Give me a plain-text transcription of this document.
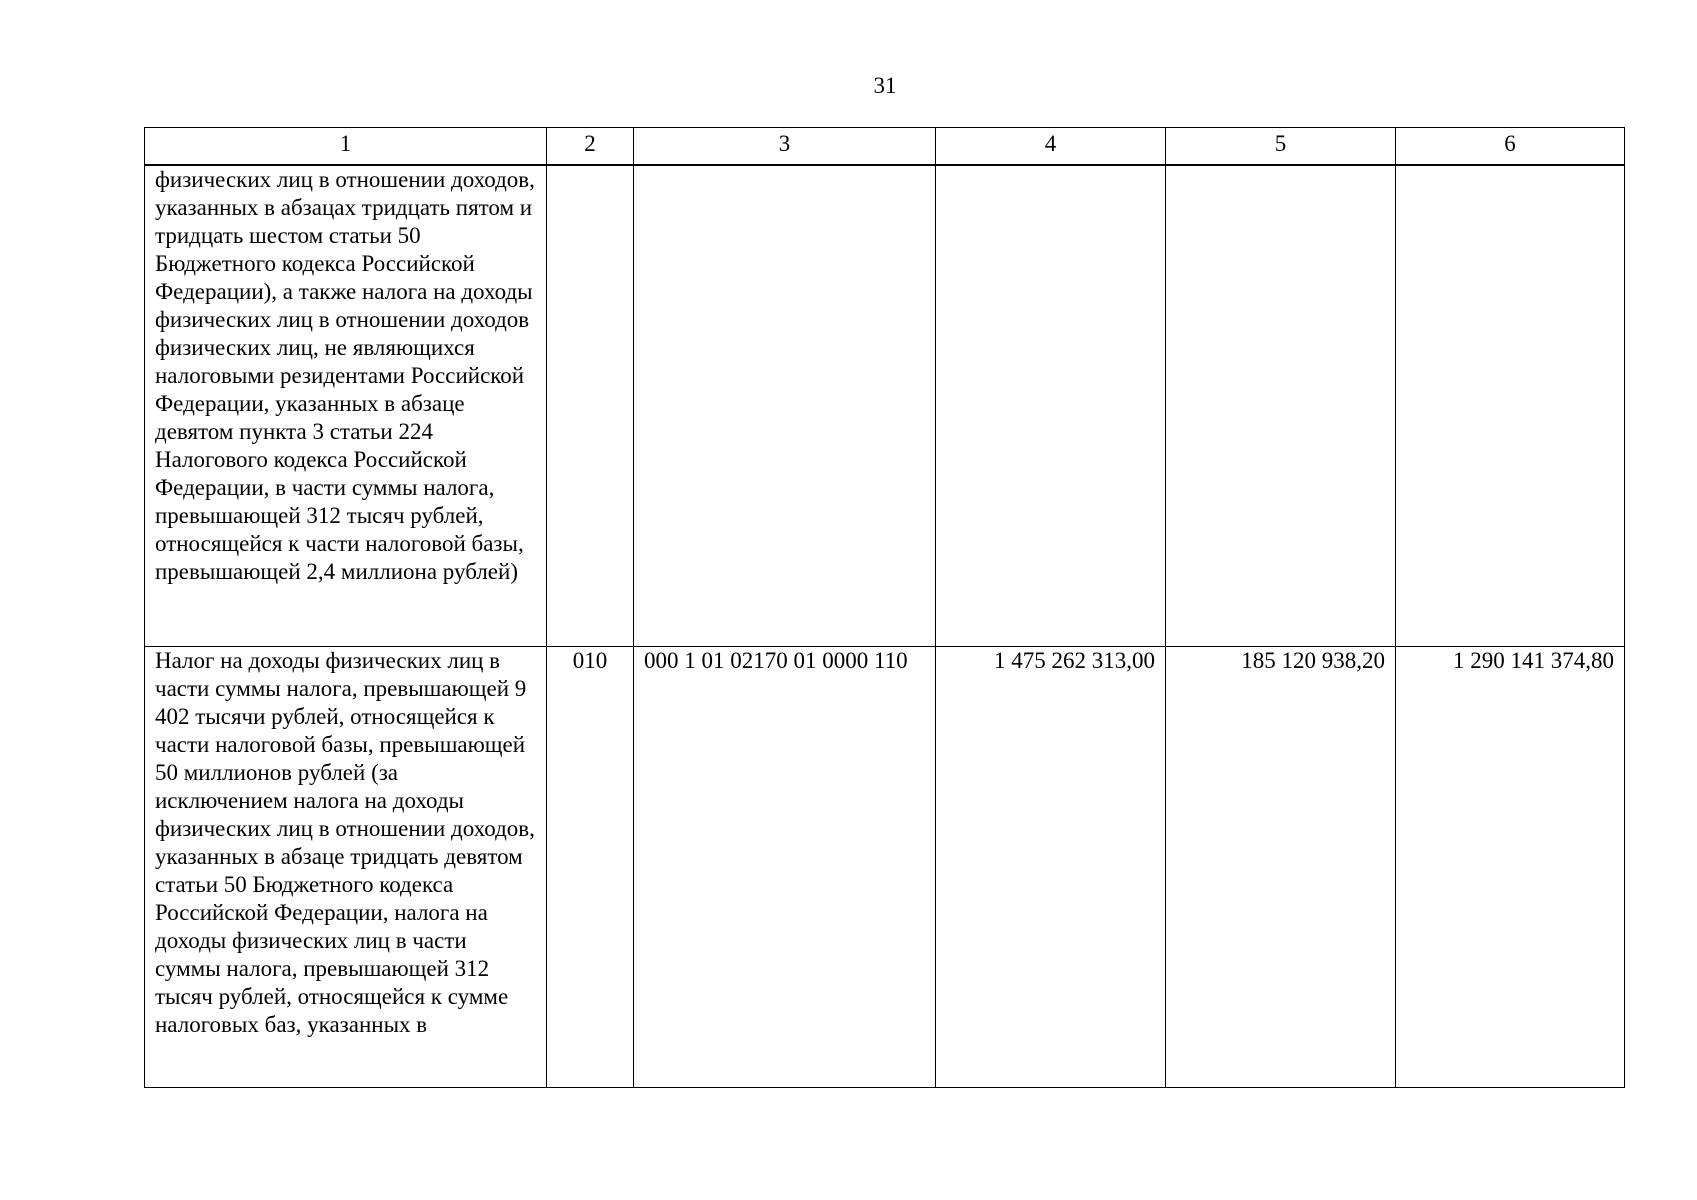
31
1	2	3	4	5	6
физических лиц в отношении доходов, указанных в абзацах тридцать пятом и тридцать шестом статьи 50 Бюджетного кодекса Российской Федерации), а также налога на доходы физических лиц в отношении доходов физических лиц, не являющихся налоговыми резидентами Российской Федерации, указанных в абзаце девятом пункта 3 статьи 224 Налогового кодекса Российской Федерации, в части суммы налога, превышающей 312 тысяч рублей, относящейся к части налоговой базы, превышающей 2,4 миллиона рублей)					
Налог на доходы физических лиц в части суммы налога, превышающей 9 402 тысячи рублей, относящейся к части налоговой базы, превышающей 50 миллионов рублей (за исключением налога на доходы физических лиц в отношении доходов, указанных в абзаце тридцать девятом статьи 50 Бюджетного кодекса Российской Федерации, налога на доходы физических лиц в части суммы налога, превышающей 312 тысяч рублей, относящейся к сумме налоговых баз, указанных в	010	000 1 01 02170 01 0000 110	1 475 262 313,00	185 120 938,20	1 290 141 374,80
